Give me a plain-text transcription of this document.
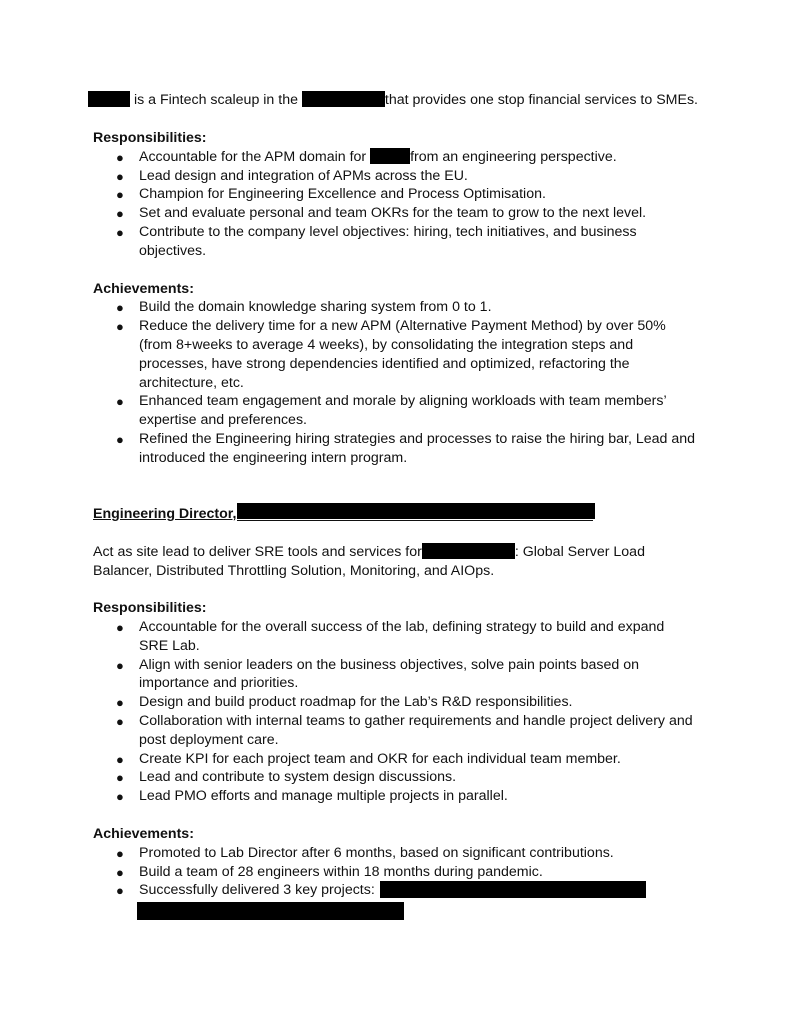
is a Fintech scaleup in the	that provides one stop financial services to SMEs.
Responsibilities:
● Accountable for the APM domain for	from an engineering perspective.
● Lead design and integration of APMs across the EU.
● Champion for Engineering Excellence and Process Optimisation.
● Set and evaluate personal and team OKRs for the team to grow to the next level.
● Contribute to the company level objectives: hiring, tech initiatives, and business
objectives.
Achievements:
● Build the domain knowledge sharing system from 0 to 1.
● Reduce the delivery time for a new APM (Alternative Payment Method) by over 50%
(from 8+weeks to average 4 weeks), by consolidating the integration steps and
processes, have strong dependencies identified and optimized, refactoring the
architecture, etc.
● Enhanced team engagement and morale by aligning workloads with team members’
expertise and preferences.
● Refined the Engineering hiring strategies and processes to raise the hiring bar, Lead and
introduced the engineering intern program.
Engineering Director,
Act as site lead to deliver SRE tools and services for	: Global Server Load
Balancer, Distributed Throttling Solution, Monitoring, and AIOps.
Responsibilities:
● Accountable for the overall success of the lab, defining strategy to build and expand
SRE Lab.
● Align with senior leaders on the business objectives, solve pain points based on
importance and priorities.
● Design and build product roadmap for the Lab’s R&D responsibilities.
● Collaboration with internal teams to gather requirements and handle project delivery and
post deployment care.
● Create KPI for each project team and OKR for each individual team member.
● Lead and contribute to system design discussions.
● Lead PMO efforts and manage multiple projects in parallel.
Achievements:
● Promoted to Lab Director after 6 months, based on significant contributions.
● Build a team of 28 engineers within 18 months during pandemic.
● Successfully delivered 3 key projects:
